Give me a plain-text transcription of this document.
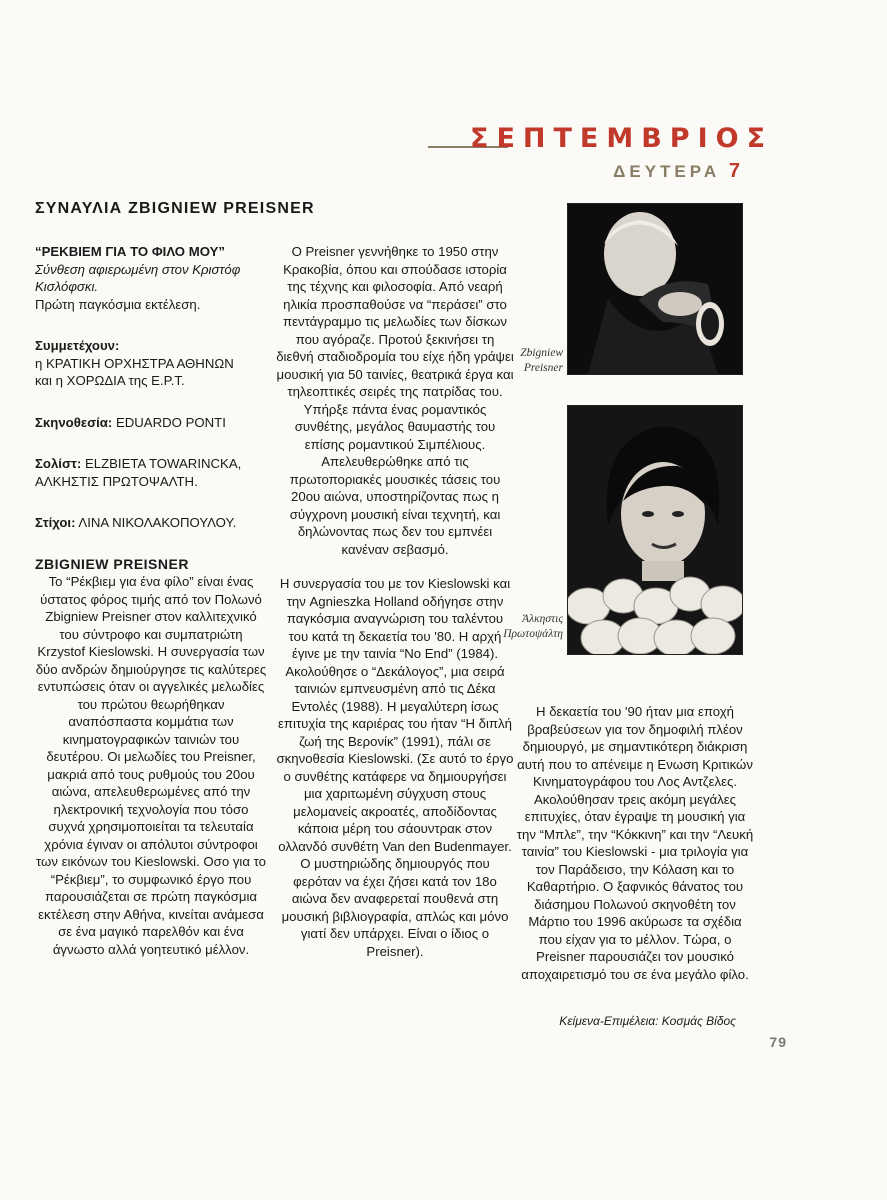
ΣΕΠΤΕΜΒΡΙΟΣ
ΔΕΥΤΕΡΑ 7
ΣΥΝΑΥΛΙΑ ZBIGNIEW PREISNER

“ΡΕΚΒΙΕΜ ΓΙΑ ΤΟ ΦΙΛΟ ΜΟΥ”

Σύνθεση αφιερωμένη στον Κριστόφ Κισλόφσκι.

Πρώτη παγκόσμια εκτέλεση.

Συμμετέχουν:

η ΚΡΑΤΙΚΗ ΟΡΧΗΣΤΡΑ ΑΘΗΝΩΝ

και η ΧΟΡΩΔΙΑ της Ε.Ρ.Τ.

Σκηνοθεσία: EDUARDO PONTI

Σολίστ: ELZBIETA TOWARINCKA,

ΑΛΚΗΣΤΙΣ ΠΡΩΤΟΨΑΛΤΗ.

Στίχοι: ΛΙΝΑ ΝΙΚΟΛΑΚΟΠΟΥΛΟΥ.

ZBIGNIEW PREISNER

Το “Ρέκβιεμ για ένα φίλο” είναι ένας ύστατος φόρος τιμής από τον Πολωνό Zbigniew Preisner στον καλλιτεχνικό του σύντροφο και συμπατριώτη Krzystof Kieslowski. Η συνεργασία των δύο ανδρών δημιούργησε τις καλύτερες εντυπώσεις όταν οι αγγελικές μελωδίες του πρώτου θεωρήθηκαν αναπόσπαστα κομμάτια των κινηματογραφικών ταινιών του δευτέρου. Οι μελωδίες του Preisner, μακριά από τους ρυθμούς του 20ου αιώνα, απελευθερωμένες από την ηλεκτρονική τεχνολογία που τόσο συχνά χρησιμοποιείται τα τελευταία χρόνια έγιναν οι απόλυτοι σύντροφοι των εικόνων του Kieslowski. Οσο για το “Ρέκβιεμ”, το συμφωνικό έργο που παρουσιάζεται σε πρώτη παγκόσμια εκτέλεση στην Αθήνα, κινείται ανάμεσα σε ένα μαγικό παρελθόν και ένα άγνωστο αλλά γοητευτικό μέλλον.

Ο Preisner γεννήθηκε το 1950 στην Κρακοβία, όπου και σπούδασε ιστορία της τέχνης και φιλοσοφία. Από νεαρή ηλικία προσπαθούσε να “περάσει” στο πεντάγραμμο τις μελωδίες των δίσκων που αγόραζε. Προτού ξεκινήσει τη διεθνή σταδιοδρομία του είχε ήδη γράψει μουσική για 50 ταινίες, θεατρικά έργα και τηλεοπτικές σειρές της πατρίδας του. Υπήρξε πάντα ένας ρομαντικός συνθέτης, μεγάλος θαυμαστής του επίσης ρομαντικού Σιμπέλιους. Απελευθερώθηκε από τις πρωτοποριακές μουσικές τάσεις του 20ου αιώνα, υποστηρίζοντας πως η σύγχρονη μουσική είναι τεχνητή, και δηλώνοντας πως δεν του εμπνέει κανέναν σεβασμό.

Η συνεργασία του με τον Kieslowski και την Agnieszka Holland οδήγησε στην παγκόσμια αναγνώριση του ταλέντου του κατά τη δεκαετία του '80. Η αρχή έγινε με την ταινία “No End” (1984). Ακολούθησε ο “Δεκάλογος”, μια σειρά ταινιών εμπνευσμένη από τις Δέκα Εντολές (1988). Η μεγαλύτερη ίσως επιτυχία της καριέρας του ήταν “Η διπλή ζωή της Βερονίκ” (1991), πάλι σε σκηνοθεσία Kieslowski. (Σε αυτό το έργο ο συνθέτης κατάφερε να δημιουργήσει μια χαριτωμένη σύγχυση στους μελομανείς ακροατές, αποδίδοντας κάποια μέρη του σάουντρακ στον ολλανδό συνθέτη Van den Budenmayer. Ο μυστηριώδης δημιουργός που φερόταν να έχει ζήσει κατά τον 18ο αιώνα δεν αναφερεταί πουθενά στη μουσική βιβλιογραφία, απλώς και μόνο γιατί δεν υπάρχει. Είναι ο ίδιος ο Preisner).

Η δεκαετία του '90 ήταν μια εποχή βραβεύσεων για τον δημοφιλή πλέον δημιουργό, με σημαντικότερη διάκριση αυτή που το απένειμε η Ενωση Κριτικών Κινηματογράφου του Λος Αντζελες. Ακολούθησαν τρεις ακόμη μεγάλες επιτυχίες, όταν έγραψε τη μουσική για την “Μπλε”, την “Κόκκινη” και την “Λευκή ταινία” του Kieslowski - μια τριλογία για τον Παράδεισο, την Κόλαση και το Καθαρτήριο. Ο ξαφνικός θάνατος του διάσημου Πολωνού σκηνοθέτη τον Μάρτιο του 1996 ακύρωσε τα σχέδια που είχαν για το μέλλον. Τώρα, ο Preisner παρουσιάζει τον μουσικό αποχαιρετισμό του σε ένα μεγάλο φίλο.

Zbigniew
Preisner
Άλκηστις
Πρωτοψάλτη
Κείμενα-Επιμέλεια: Κοσμάς Βίδος
79
